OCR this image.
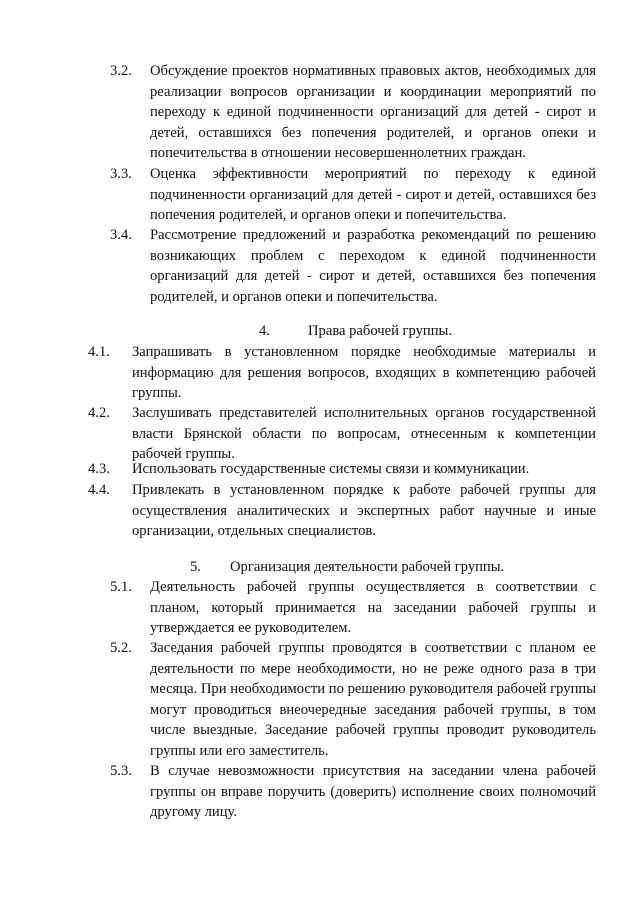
3.2. Обсуждение проектов нормативных правовых актов, необходимых для реализации вопросов организации и координации мероприятий по переходу к единой подчиненности организаций для детей - сирот и детей, оставшихся без попечения родителей, и органов опеки и попечительства в отношении несовершеннолетних граждан.
3.3. Оценка эффективности мероприятий по переходу к единой подчиненности организаций для детей - сирот и детей, оставшихся без попечения родителей, и органов опеки и попечительства.
3.4. Рассмотрение предложений и разработка рекомендаций по решению возникающих проблем с переходом к единой подчиненности организаций для детей - сирот и детей, оставшихся без попечения родителей, и органов опеки и попечительства.
4.	Права рабочей группы.
4.1. Запрашивать в установленном порядке необходимые материалы и информацию для решения вопросов, входящих в компетенцию рабочей группы.
4.2. Заслушивать представителей исполнительных органов государственной власти Брянской области по вопросам, отнесенным к компетенции рабочей группы.
4.3. Использовать государственные системы связи и коммуникации.
4.4. Привлекать в установленном порядке к работе рабочей группы для осуществления аналитических и экспертных работ научные и иные организации, отдельных специалистов.
5. Организация деятельности рабочей группы.
5.1. Деятельность рабочей группы осуществляется в соответствии с планом, который принимается на заседании рабочей группы и утверждается ее руководителем.
5.2. Заседания рабочей группы проводятся в соответствии с планом ее деятельности по мере необходимости, но не реже одного раза в три месяца. При необходимости по решению руководителя рабочей группы могут проводиться внеочередные заседания рабочей группы, в том числе выездные. Заседание рабочей группы проводит руководитель группы или его заместитель.
5.3. В случае невозможности присутствия на заседании члена рабочей группы он вправе поручить (доверить) исполнение своих полномочий другому лицу.
